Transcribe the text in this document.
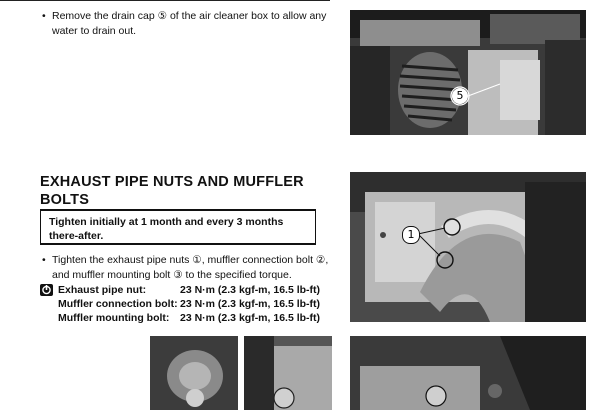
• Remove the drain cap ⑤ of the air cleaner box to allow any water to drain out.
EXHAUST PIPE NUTS AND MUFFLER BOLTS
Tighten initially at 1 month and every 3 months there-after.
• Tighten the exhaust pipe nuts ①, muffler connection bolt ②, and muffler mounting bolt ③ to the specified torque.
Exhaust pipe nut:	23 N·m (2.3 kgf-m, 16.5 lb-ft)
Muffler connection bolt: 23 N·m (2.3 kgf-m, 16.5 lb-ft)
Muffler mounting bolt: 23 N·m (2.3 kgf-m, 16.5 lb-ft)
5
1
